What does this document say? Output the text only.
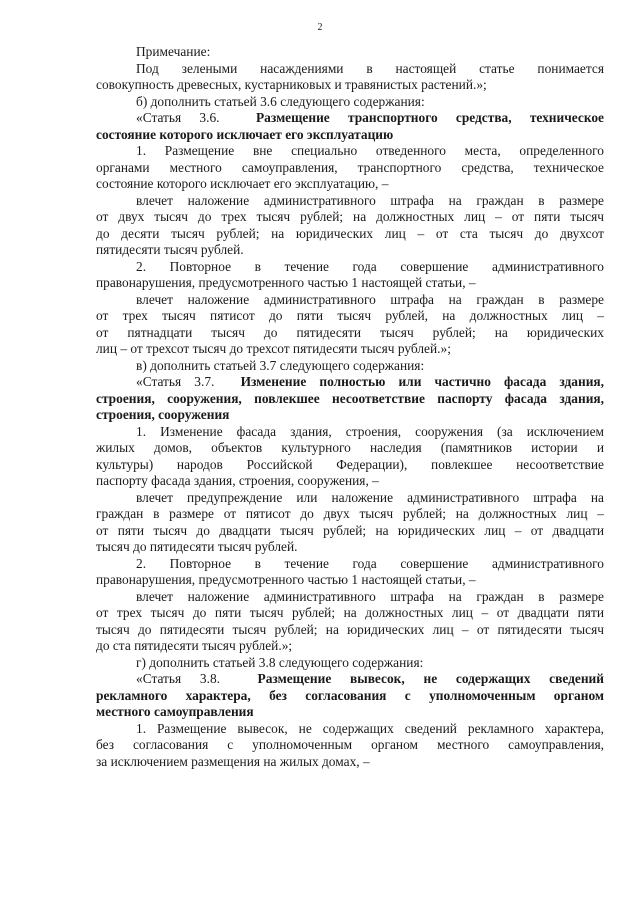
2

Примечание:

Под зелеными насаждениями в настоящей статье понимается
совокупность древесных, кустарниковых и травянистых растений.»;

б) дополнить статьей 3.6 следующего содержания:

«Статья 3.6.	Размещение транспортного средства, техническое
состояние которого исключает его эксплуатацию

1. Размещение вне специально отведенного места, определенного
органами местного самоуправления, транспортного средства, техническое
состояние которого исключает его эксплуатацию, –

влечет наложение административного штрафа на граждан в размере
от двух тысяч до трех тысяч рублей; на должностных лиц – от пяти тысяч
до десяти тысяч рублей; на юридических лиц – от ста тысяч до двухсот
пятидесяти тысяч рублей.

2. Повторное в течение года совершение административного
правонарушения, предусмотренного частью 1 настоящей статьи, –

влечет наложение административного штрафа на граждан в размере
от трех тысяч пятисот до пяти тысяч рублей, на должностных лиц –
от пятнадцати тысяч до пятидесяти тысяч рублей; на юридических
лиц – от трехсот тысяч до трехсот пятидесяти тысяч рублей.»;

в) дополнить статьей 3.7 следующего содержания:

«Статья 3.7. Изменение полностью или частично фасада здания,
строения, сооружения, повлекшее несоответствие паспорту фасада здания,
строения, сооружения

1. Изменение фасада здания, строения, сооружения (за исключением
жилых домов, объектов культурного наследия (памятников истории и
культуры) народов Российской Федерации), повлекшее несоответствие
паспорту фасада здания, строения, сооружения, –

влечет предупреждение или наложение административного штрафа на
граждан в размере от пятисот до двух тысяч рублей; на должностных лиц –
от пяти тысяч до двадцати тысяч рублей; на юридических лиц – от двадцати
тысяч до пятидесяти тысяч рублей.

2. Повторное в течение года совершение административного
правонарушения, предусмотренного частью 1 настоящей статьи, –

влечет наложение административного штрафа на граждан в размере
от трех тысяч до пяти тысяч рублей; на должностных лиц – от двадцати пяти
тысяч до пятидесяти тысяч рублей; на юридических лиц – от пятидесяти тысяч
до ста пятидесяти тысяч рублей.»;

г) дополнить статьей 3.8 следующего содержания:

«Статья 3.8.	Размещение вывесок, не содержащих сведений
рекламного характера, без согласования с уполномоченным органом
местного самоуправления

1. Размещение вывесок, не содержащих сведений рекламного характера,
без согласования с уполномоченным органом местного самоуправления,
за исключением размещения на жилых домах, –
